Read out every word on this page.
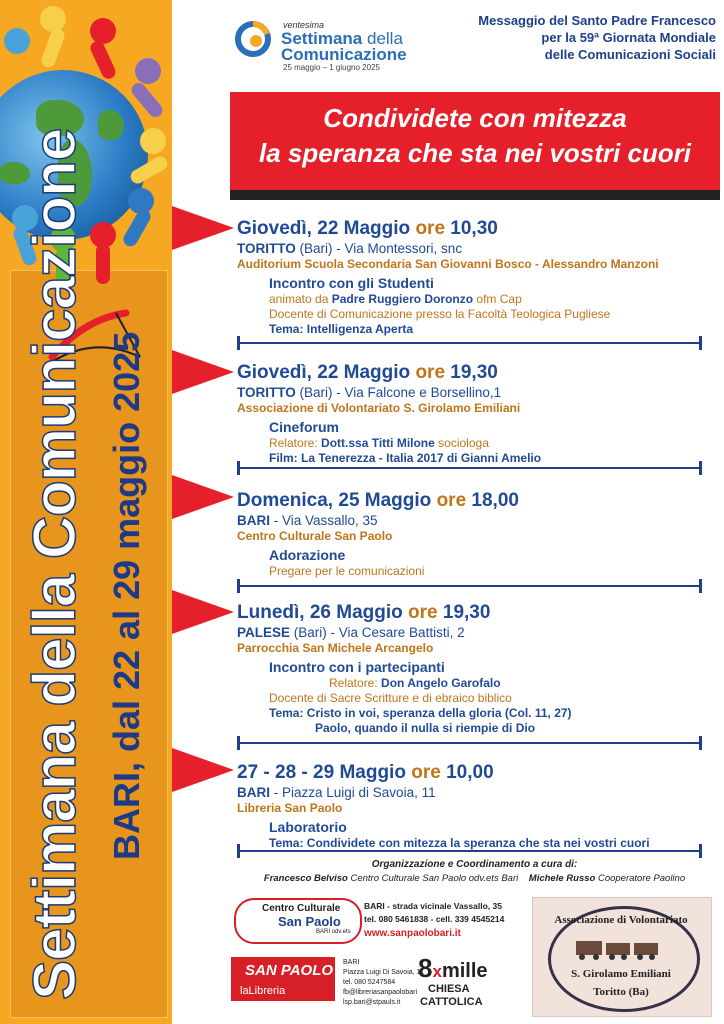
Settimana della Comunicazione BARI, dal 22 al 29 maggio 2025
ventesima
Settimana della
Comunicazione
25 maggio – 1 giugno 2025
Messaggio del Santo Padre Francesco
per la 59ª Giornata Mondiale
delle Comunicazioni Sociali
Condividete con mitezza
la speranza che sta nei vostri cuori
Giovedì, 22 Maggio ore 10,30
TORITTO (Bari) - Via Montessori, snc
Auditorium Scuola Secondaria San Giovanni Bosco - Alessandro Manzoni
Incontro con gli Studenti
animato da Padre Ruggiero Doronzo ofm Cap
Docente di Comunicazione presso la Facoltà Teologica Pugliese
Tema: Intelligenza Aperta
Giovedì, 22 Maggio ore 19,30
TORITTO (Bari) - Via Falcone e Borsellino,1
Associazione di Volontariato S. Girolamo Emiliani
Cineforum
Relatore: Dott.ssa Titti Milone sociologa
Film: La Tenerezza - Italia 2017 di Gianni Amelio
Domenica, 25 Maggio ore 18,00
BARI - Via Vassallo, 35
Centro Culturale San Paolo
Adorazione
Pregare per le comunicazioni
Lunedì, 26 Maggio ore 19,30
PALESE (Bari) - Via Cesare Battisti, 2
Parrocchia San Michele Arcangelo
Incontro con i partecipanti
Relatore: Don Angelo Garofalo
Docente di Sacre Scritture e di ebraico biblico
Tema: Cristo in voi, speranza della gloria (Col. 11, 27)
Paolo, quando il nulla si riempie di Dio
27 - 28 - 29 Maggio ore 10,00
BARI - Piazza Luigi di Savoia, 11
Libreria San Paolo
Laboratorio
Tema: Condividete con mitezza la speranza che sta nei vostri cuori
Organizzazione e Coordinamento a cura di:
Francesco Belviso Centro Culturale San Paolo odv.ets Bari Michele Russo Cooperatore Paolino
Centro Culturale
San Paolo
BARI odv.ets
BARI - strada vicinale Vassallo, 35
tel. 080 5461838 - cell. 339 4545214
www.sanpaolobari.it
SAN PAOLO
laLibreria
BARI
Piazza Luigi Di Savoia, 11
tel. 080 5247584
fb@libreriasanpaolobari
lsp.bari@stpauls.it
8xmille
CHIESA
CATTOLICA
Associazione di Volontariato
S. Girolamo Emiliani
Toritto (Ba)
